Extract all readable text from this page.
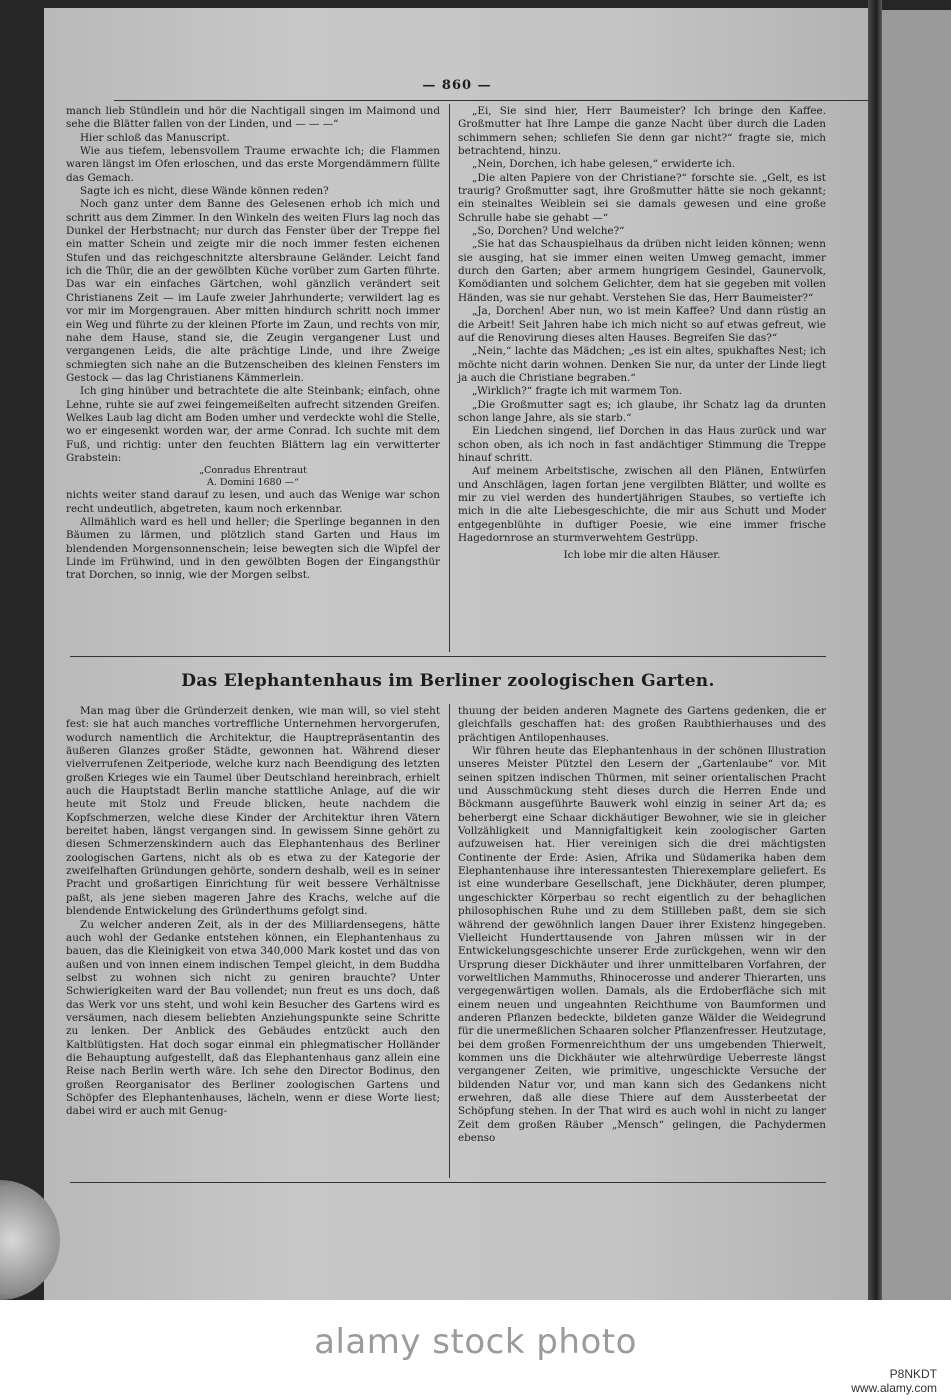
— 860 —

manch lieb Stündlein und hör die Nachtigall singen im Maimond und sehe die Blätter fallen von der Linden, und — — —“

Hier schloß das Manuscript.

Wie aus tiefem, lebensvollem Traume erwachte ich; die Flammen waren längst im Ofen erloschen, und das erste Morgendämmern füllte das Gemach.

Sagte ich es nicht, diese Wände können reden?

Noch ganz unter dem Banne des Gelesenen erhob ich mich und schritt aus dem Zimmer. In den Winkeln des weiten Flurs lag noch das Dunkel der Herbstnacht; nur durch das Fenster über der Treppe fiel ein matter Schein und zeigte mir die noch immer festen eichenen Stufen und das reichgeschnitzte altersbraune Geländer. Leicht fand ich die Thür, die an der gewölbten Küche vorüber zum Garten führte. Das war ein einfaches Gärtchen, wohl gänzlich verändert seit Christianens Zeit — im Laufe zweier Jahrhunderte; verwildert lag es vor mir im Morgengrauen. Aber mitten hindurch schritt noch immer ein Weg und führte zu der kleinen Pforte im Zaun, und rechts von mir, nahe dem Hause, stand sie, die Zeugin vergangener Lust und vergangenen Leids, die alte prächtige Linde, und ihre Zweige schmiegten sich nahe an die Butzenscheiben des kleinen Fensters im Gestock — das lag Christianens Kämmerlein.

Ich ging hinüber und betrachtete die alte Steinbank; einfach, ohne Lehne, ruhte sie auf zwei feingemeißelten aufrecht sitzenden Greifen. Welkes Laub lag dicht am Boden umher und verdeckte wohl die Stelle, wo er eingesenkt worden war, der arme Conrad. Ich suchte mit dem Fuß, und richtig: unter den feuchten Blättern lag ein verwitterter Grabstein:

„Conradus Ehrentraut

A. Domini 1680 —“

nichts weiter stand darauf zu lesen, und auch das Wenige war schon recht undeutlich, abgetreten, kaum noch erkennbar.

Allmählich ward es hell und heller; die Sperlinge begannen in den Bäumen zu lärmen, und plötzlich stand Garten und Haus im blendenden Morgensonnenschein; leise bewegten sich die Wipfel der Linde im Frühwind, und in den gewölbten Bogen der Eingangsthür trat Dorchen, so innig, wie der Morgen selbst.

„Ei, Sie sind hier, Herr Baumeister? Ich bringe den Kaffee. Großmutter hat Ihre Lampe die ganze Nacht über durch die Laden schimmern sehen; schliefen Sie denn gar nicht?“ fragte sie, mich betrachtend, hinzu.

„Nein, Dorchen, ich habe gelesen,“ erwiderte ich.

„Die alten Papiere von der Christiane?“ forschte sie. „Gelt, es ist traurig? Großmutter sagt, ihre Großmutter hätte sie noch gekannt; ein steinaltes Weiblein sei sie damals gewesen und eine große Schrulle habe sie gehabt —“

„So, Dorchen? Und welche?“

„Sie hat das Schauspielhaus da drüben nicht leiden können; wenn sie ausging, hat sie immer einen weiten Umweg gemacht, immer durch den Garten; aber armem hungrigem Gesindel, Gaunervolk, Komödianten und solchem Gelichter, dem hat sie gegeben mit vollen Händen, was sie nur gehabt. Verstehen Sie das, Herr Baumeister?“

„Ja, Dorchen! Aber nun, wo ist mein Kaffee? Und dann rüstig an die Arbeit! Seit Jahren habe ich mich nicht so auf etwas gefreut, wie auf die Renovirung dieses alten Hauses. Begreifen Sie das?“

„Nein,“ lachte das Mädchen; „es ist ein altes, spukhaftes Nest; ich möchte nicht darin wohnen. Denken Sie nur, da unter der Linde liegt ja auch die Christiane begraben.“

„Wirklich?“ fragte ich mit warmem Ton.

„Die Großmutter sagt es; ich glaube, ihr Schatz lag da drunten schon lange Jahre, als sie starb.“

Ein Liedchen singend, lief Dorchen in das Haus zurück und war schon oben, als ich noch in fast andächtiger Stimmung die Treppe hinauf schritt.

Auf meinem Arbeitstische, zwischen all den Plänen, Entwürfen und Anschlägen, lagen fortan jene vergilbten Blätter, und wollte es mir zu viel werden des hundertjährigen Staubes, so vertiefte ich mich in die alte Liebesgeschichte, die mir aus Schutt und Moder entgegenblühte in duftiger Poesie, wie eine immer frische Hagedornrose an sturmverwehtem Gestrüpp.

Ich lobe mir die alten Häuser.

Das Elephantenhaus im Berliner zoologischen Garten.

Man mag über die Gründerzeit denken, wie man will, so viel steht fest: sie hat auch manches vortreffliche Unternehmen hervorgerufen, wodurch namentlich die Architektur, die Hauptrepräsentantin des äußeren Glanzes großer Städte, gewonnen hat. Während dieser vielverrufenen Zeitperiode, welche kurz nach Beendigung des letzten großen Krieges wie ein Taumel über Deutschland hereinbrach, erhielt auch die Hauptstadt Berlin manche stattliche Anlage, auf die wir heute mit Stolz und Freude blicken, heute nachdem die Kopfschmerzen, welche diese Kinder der Architektur ihren Vätern bereitet haben, längst vergangen sind. In gewissem Sinne gehört zu diesen Schmerzenskindern auch das Elephantenhaus des Berliner zoologischen Gartens, nicht als ob es etwa zu der Kategorie der zweifelhaften Gründungen gehörte, sondern deshalb, weil es in seiner Pracht und großartigen Einrichtung für weit bessere Verhältnisse paßt, als jene sieben mageren Jahre des Krachs, welche auf die blendende Entwickelung des Gründerthums gefolgt sind.

Zu welcher anderen Zeit, als in der des Milliardensegens, hätte auch wohl der Gedanke entstehen können, ein Elephantenhaus zu bauen, das die Kleinigkeit von etwa 340,000 Mark kostet und das von außen und von innen einem indischen Tempel gleicht, in dem Buddha selbst zu wohnen sich nicht zu geniren brauchte? Unter Schwierigkeiten ward der Bau vollendet; nun freut es uns doch, daß das Werk vor uns steht, und wohl kein Besucher des Gartens wird es versäumen, nach diesem beliebten Anziehungspunkte seine Schritte zu lenken. Der Anblick des Gebäudes entzückt auch den Kaltblütigsten. Hat doch sogar einmal ein phlegmatischer Holländer die Behauptung aufgestellt, daß das Elephantenhaus ganz allein eine Reise nach Berlin werth wäre. Ich sehe den Director Bodinus, den großen Reorganisator des Berliner zoologischen Gartens und Schöpfer des Elephantenhauses, lächeln, wenn er diese Worte liest; dabei wird er auch mit Genug-

thuung der beiden anderen Magnete des Gartens gedenken, die er gleichfalls geschaffen hat: des großen Raubthierhauses und des prächtigen Antilopenhauses.

Wir führen heute das Elephantenhaus in der schönen Illustration unseres Meister Pütztel den Lesern der „Gartenlaube“ vor. Mit seinen spitzen indischen Thürmen, mit seiner orientalischen Pracht und Ausschmückung steht dieses durch die Herren Ende und Böckmann ausgeführte Bauwerk wohl einzig in seiner Art da; es beherbergt eine Schaar dickhäutiger Bewohner, wie sie in gleicher Vollzähligkeit und Mannigfaltigkeit kein zoologischer Garten aufzuweisen hat. Hier vereinigen sich die drei mächtigsten Continente der Erde: Asien, Afrika und Südamerika haben dem Elephantenhause ihre interessantesten Thierexemplare geliefert. Es ist eine wunderbare Gesellschaft, jene Dickhäuter, deren plumper, ungeschickter Körperbau so recht eigentlich zu der behaglichen philosophischen Ruhe und zu dem Stillleben paßt, dem sie sich während der gewöhnlich langen Dauer ihrer Existenz hingegeben. Vielleicht Hunderttausende von Jahren müssen wir in der Entwickelungsgeschichte unserer Erde zurückgehen, wenn wir den Ursprung dieser Dickhäuter und ihrer unmittelbaren Vorfahren, der vorweltlichen Mammuths, Rhinocerosse und anderer Thierarten, uns vergegenwärtigen wollen. Damals, als die Erdoberfläche sich mit einem neuen und ungeahnten Reichthume von Baumformen und anderen Pflanzen bedeckte, bildeten ganze Wälder die Weidegrund für die unermeßlichen Schaaren solcher Pflanzenfresser. Heutzutage, bei dem großen Formenreichthum der uns umgebenden Thierwelt, kommen uns die Dickhäuter wie altehrwürdige Ueberreste längst vergangener Zeiten, wie primitive, ungeschickte Versuche der bildenden Natur vor, und man kann sich des Gedankens nicht erwehren, daß alle diese Thiere auf dem Aussterbeetat der Schöpfung stehen. In der That wird es auch wohl in nicht zu langer Zeit dem großen Räuber „Mensch“ gelingen, die Pachydermen ebenso

alamy stock photo
P8NKDT
www.alamy.com
